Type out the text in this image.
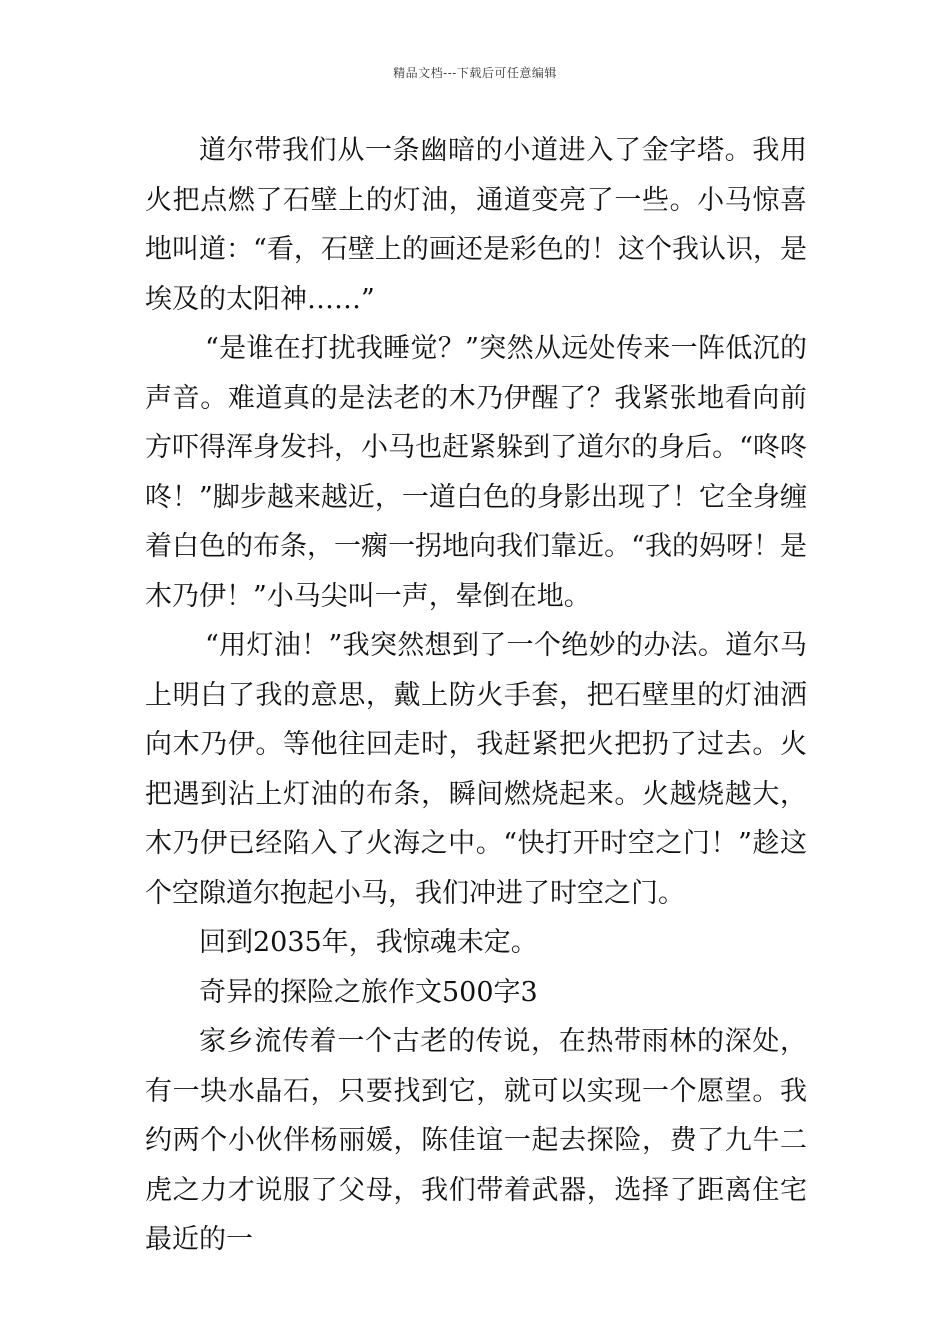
精品文档---下载后可任意编辑

道尔带我们从一条幽暗的小道进入了金字塔。我用火把点燃了石壁上的灯油，通道变亮了一些。小马惊喜地叫道：“看，石壁上的画还是彩色的！这个我认识，是埃及的太阳神……”

“是谁在打扰我睡觉？”突然从远处传来一阵低沉的声音。难道真的是法老的木乃伊醒了？我紧张地看向前方吓得浑身发抖，小马也赶紧躲到了道尔的身后。“咚咚咚！”脚步越来越近，一道白色的身影出现了！它全身缠着白色的布条，一瘸一拐地向我们靠近。“我的妈呀！是木乃伊！”小马尖叫一声，晕倒在地。

“用灯油！”我突然想到了一个绝妙的办法。道尔马上明白了我的意思，戴上防火手套，把石壁里的灯油洒向木乃伊。等他往回走时，我赶紧把火把扔了过去。火把遇到沾上灯油的布条，瞬间燃烧起来。火越烧越大，木乃伊已经陷入了火海之中。“快打开时空之门！”趁这个空隙道尔抱起小马，我们冲进了时空之门。

回到2035年，我惊魂未定。

奇异的探险之旅作文500字3

家乡流传着一个古老的传说，在热带雨林的深处，有一块水晶石，只要找到它，就可以实现一个愿望。我约两个小伙伴杨丽媛，陈佳谊一起去探险，费了九牛二虎之力才说服了父母，我们带着武器，选择了距离住宅最近的一
